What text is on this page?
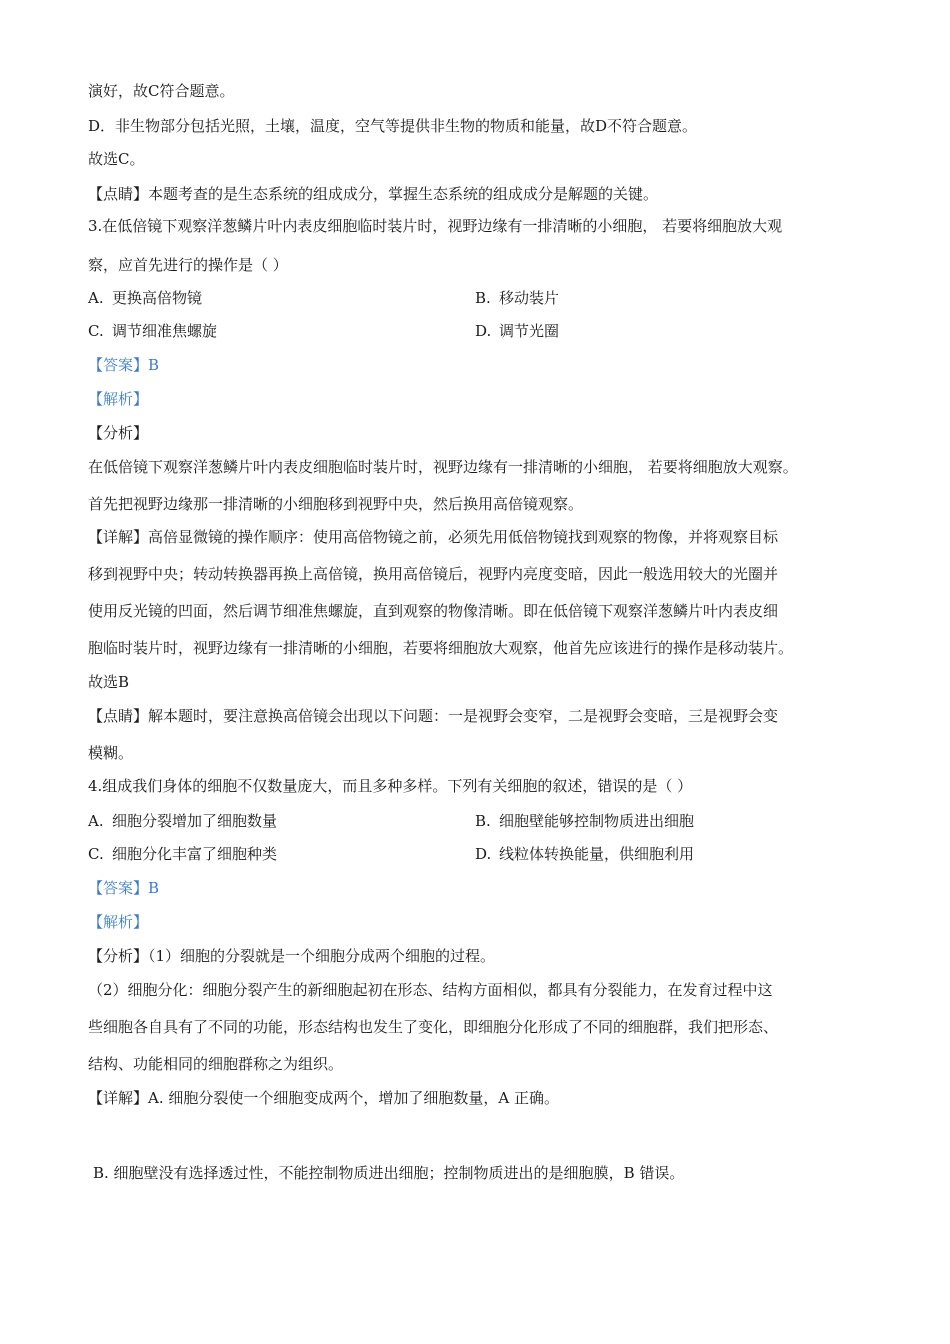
演好，故C符合题意。
D．非生物部分包括光照，土壤，温度，空气等提供非生物的物质和能量，故D不符合题意。
故选C。
【点睛】本题考查的是生态系统的组成成分，掌握生态系统的组成成分是解题的关键。
3.在低倍镜下观察洋葱鳞片叶内表皮细胞临时装片时，视野边缘有一排清晰的小细胞， 若要将细胞放大观
察，应首先进行的操作是（ ）
A. 更换高倍物镜	B. 移动装片
C. 调节细准焦螺旋	D. 调节光圈
【答案】B
【解析】
【分析】
在低倍镜下观察洋葱鳞片叶内表皮细胞临时装片时，视野边缘有一排清晰的小细胞， 若要将细胞放大观察。
首先把视野边缘那一排清晰的小细胞移到视野中央，然后换用高倍镜观察。
【详解】高倍显微镜的操作顺序：使用高倍物镜之前，必须先用低倍物镜找到观察的物像，并将观察目标
移到视野中央；转动转换器再换上高倍镜，换用高倍镜后，视野内亮度变暗，因此一般选用较大的光圈并
使用反光镜的凹面，然后调节细准焦螺旋，直到观察的物像清晰。即在低倍镜下观察洋葱鳞片叶内表皮细
胞临时装片时，视野边缘有一排清晰的小细胞，若要将细胞放大观察，他首先应该进行的操作是移动装片。
故选B
【点睛】解本题时，要注意换高倍镜会出现以下问题：一是视野会变窄，二是视野会变暗，三是视野会变
模糊。
4.组成我们身体的细胞不仅数量庞大，而且多种多样。下列有关细胞的叙述，错误的是（ ）
A. 细胞分裂增加了细胞数量	B. 细胞壁能够控制物质进出细胞
C. 细胞分化丰富了细胞种类	D. 线粒体转换能量，供细胞利用
【答案】B
【解析】
【分析】（1）细胞的分裂就是一个细胞分成两个细胞的过程。
（2）细胞分化：细胞分裂产生的新细胞起初在形态、结构方面相似，都具有分裂能力，在发育过程中这
些细胞各自具有了不同的功能，形态结构也发生了变化，即细胞分化形成了不同的细胞群，我们把形态、
结构、功能相同的细胞群称之为组织。
【详解】A. 细胞分裂使一个细胞变成两个，增加了细胞数量，A 正确。
B. 细胞壁没有选择透过性，不能控制物质进出细胞；控制物质进出的是细胞膜，B 错误。
